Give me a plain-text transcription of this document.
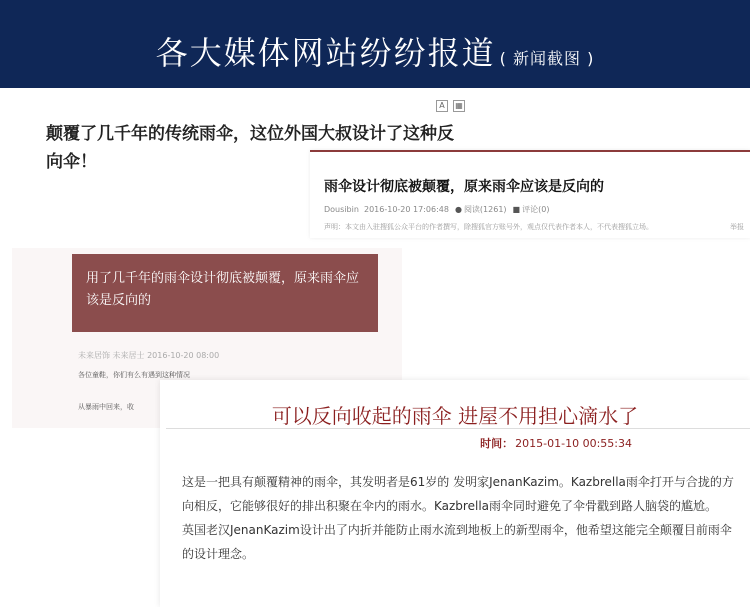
各大媒体网站纷纷报道 ( 新闻截图 )
A ▦
颠覆了几千年的传统雨伞，这位外国大叔设计了这种反向伞！
雨伞设计彻底被颠覆，原来雨伞应该是反向的
Dousibin 2016-10-20 17:06:48 ● 阅读(1261) ■ 评论(0)
声明：本文由入驻搜狐公众平台的作者撰写，除搜狐官方账号外，观点仅代表作者本人，不代表搜狐立场。	举报
用了几千年的雨伞设计彻底被颠覆，原来雨伞应该是反向的
未来居饰 未来居士 2016-10-20 08:00
各位童鞋，你们有么有遇到这种情况
从暴雨中回来，收	可以反向收起的雨伞 进屋不用担心滴水了
时间： 2015-01-10 00:55:34

这是一把具有颠覆精神的雨伞，其发明者是61岁的 发明家JenanKazim。Kazbrella雨伞打开与合拢的方向相反，它能够很好的排出积聚在伞内的雨水。Kazbrella雨伞同时避免了伞骨戳到路人脑袋的尴尬。

英国老汉JenanKazim设计出了内折并能防止雨水流到地板上的新型雨伞，他希望这能完全颠覆目前雨伞的设计理念。
